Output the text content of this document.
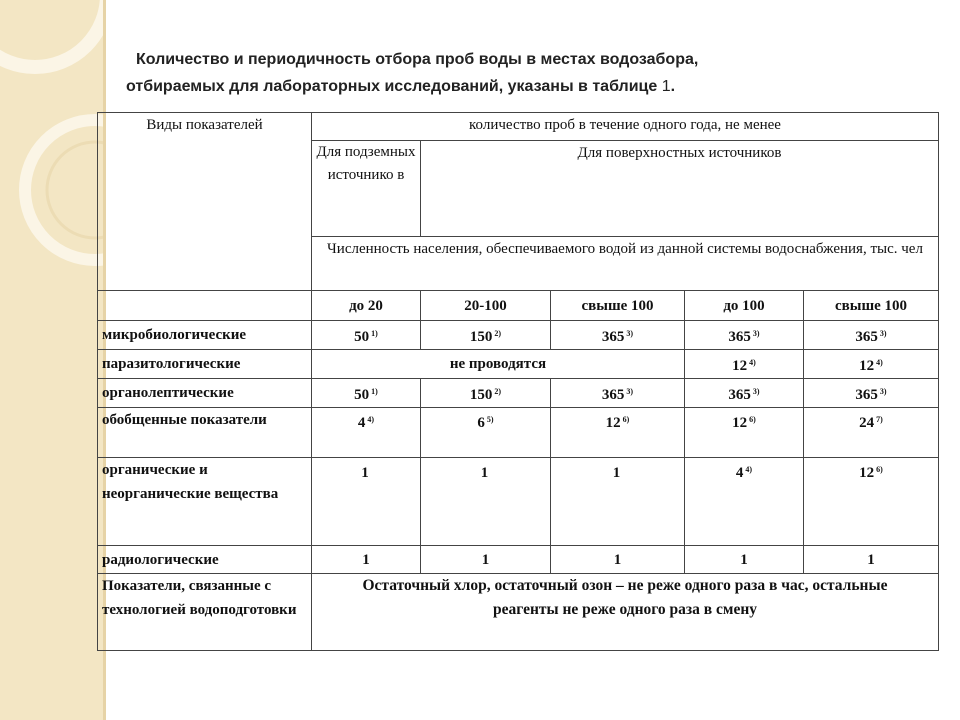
Количество и периодичность отбора проб воды в местах водозабора,
отбираемых для лабораторных исследований, указаны в таблице 1.
Виды показателей	количество проб в течение одного года, не менее				
	Для подземных источнико в	Для поверхностных источников			
	Численность населения, обеспечиваемого водой из данной системы водоснабжения, тыс. чел				
	до 20	20-100	свыше 100	до 100	свыше 100
микробиологические	50 $^{1)}$	150 $^{2)}$	365 $^{3)}$	365 $^{3)}$	365 $^{3)}$
паразитологические	не проводятся			12 $^{4)}$	12 $^{4)}$
органолептические	50 $^{1)}$	150 $^{2)}$	365 $^{3)}$	365 $^{3)}$	365 $^{3)}$
обобщенные показатели	4 $^{4)}$	6 $^{5)}$	12 $^{6)}$	12 $^{6)}$	24 $^{7)}$
органические и неорганические вещества	1	1	1	4 $^{4)}$	12 $^{6)}$
радиологические	1	1	1	1	1
Показатели, связанные с технологией водоподготовки	Остаточный хлор, остаточный озон – не реже одного раза в час, остальные реагенты не реже одного раза в смену				
